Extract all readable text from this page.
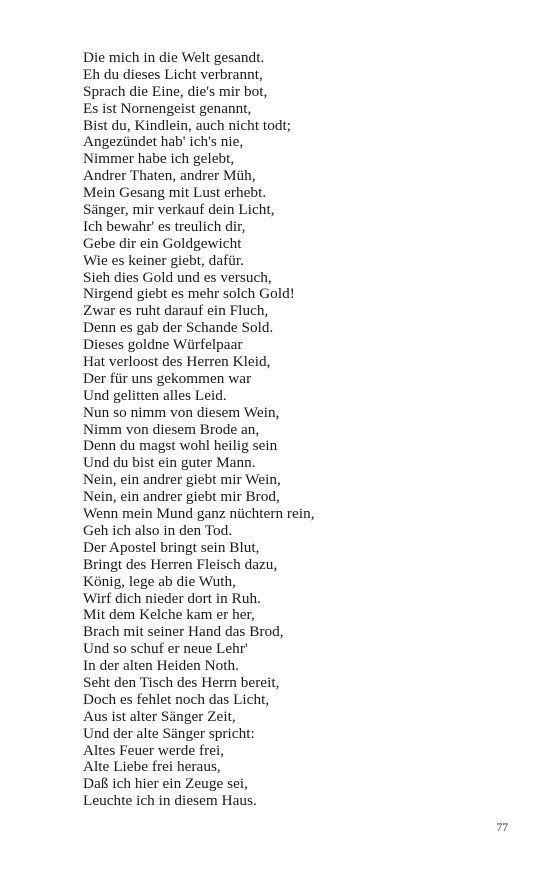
Die mich in die Welt gesandt.
Eh du dieses Licht verbrannt,
Sprach die Eine, die's mir bot,
Es ist Nornengeist genannt,
Bist du, Kindlein, auch nicht todt;
Angezündet hab' ich's nie,
Nimmer habe ich gelebt,
Andrer Thaten, andrer Müh,
Mein Gesang mit Lust erhebt.
Sänger, mir verkauf dein Licht,
Ich bewahr' es treulich dir,
Gebe dir ein Goldgewicht
Wie es keiner giebt, dafür.
Sieh dies Gold und es versuch,
Nirgend giebt es mehr solch Gold!
Zwar es ruht darauf ein Fluch,
Denn es gab der Schande Sold.
Dieses goldne Würfelpaar
Hat verloost des Herren Kleid,
Der für uns gekommen war
Und gelitten alles Leid.
Nun so nimm von diesem Wein,
Nimm von diesem Brode an,
Denn du magst wohl heilig sein
Und du bist ein guter Mann.
Nein, ein andrer giebt mir Wein,
Nein, ein andrer giebt mir Brod,
Wenn mein Mund ganz nüchtern rein,
Geh ich also in den Tod.
Der Apostel bringt sein Blut,
Bringt des Herren Fleisch dazu,
König, lege ab die Wuth,
Wirf dich nieder dort in Ruh.
Mit dem Kelche kam er her,
Brach mit seiner Hand das Brod,
Und so schuf er neue Lehr'
In der alten Heiden Noth.
Seht den Tisch des Herrn bereit,
Doch es fehlet noch das Licht,
Aus ist alter Sänger Zeit,
Und der alte Sänger spricht:
Altes Feuer werde frei,
Alte Liebe frei heraus,
Daß ich hier ein Zeuge sei,
Leuchte ich in diesem Haus.
77
